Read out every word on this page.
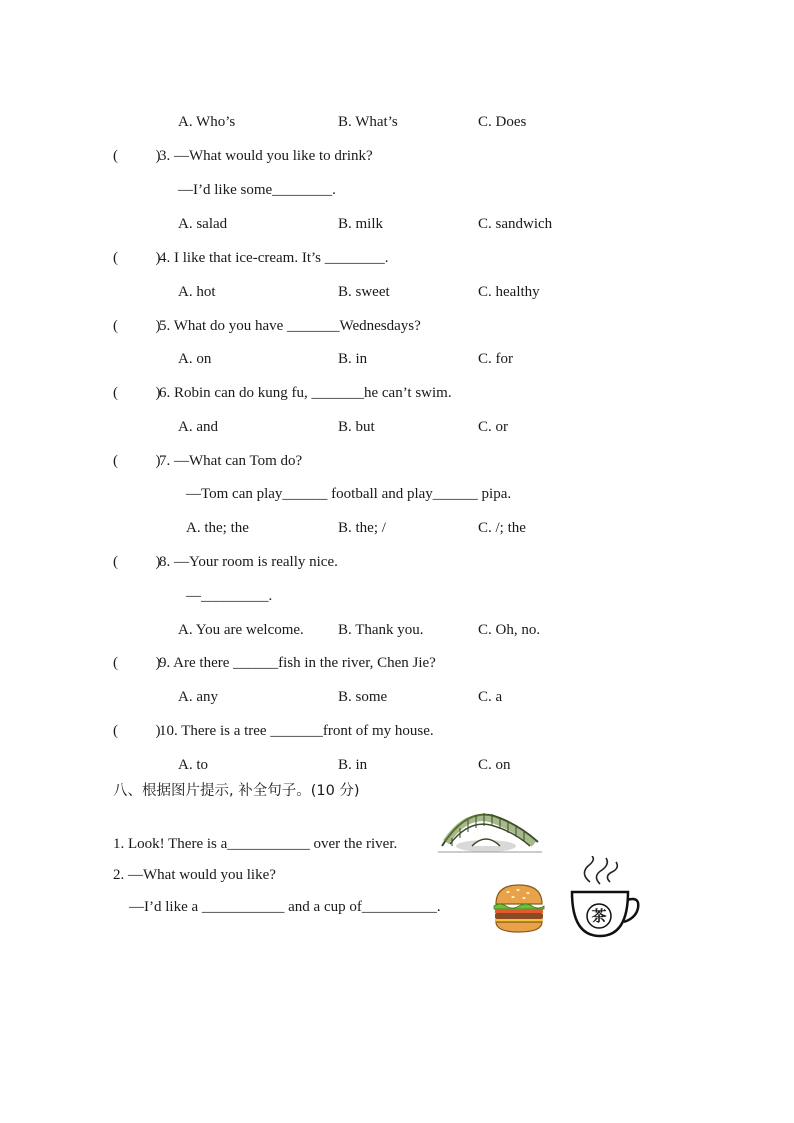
A. Who’s	B. What’s	C. Does
(          )
3. —What would you like to drink?
—I’d like some________.
A. salad	B. milk	C. sandwich
(          )
4. I like that ice-cream. It’s ________.
A. hot	B. sweet	C. healthy
(          )
5. What do you have _______Wednesdays?
A. on	B. in	C. for
(          )
6. Robin can do kung fu, _______he can’t swim.
A. and	B. but	C. or
(          )
7. —What can Tom do?
—Tom can play______ football and play______ pipa.
A. the; the	B. the; /	C. /; the
(          )
8. —Your room is really nice.
—_________.
A. You are welcome. B. Thank you.	C. Oh, no.
(          )
9. Are there ______fish in the river, Chen Jie?
A. any	B. some	C. a
(          )
10. There is a tree _______front of my house.
A. to	B. in	C. on
八、根据图片提示, 补全句子。(10 分)
1. Look! There is a___________ over the river.
2. —What would you like?
—I’d like a ___________ and a cup of__________.	茶
